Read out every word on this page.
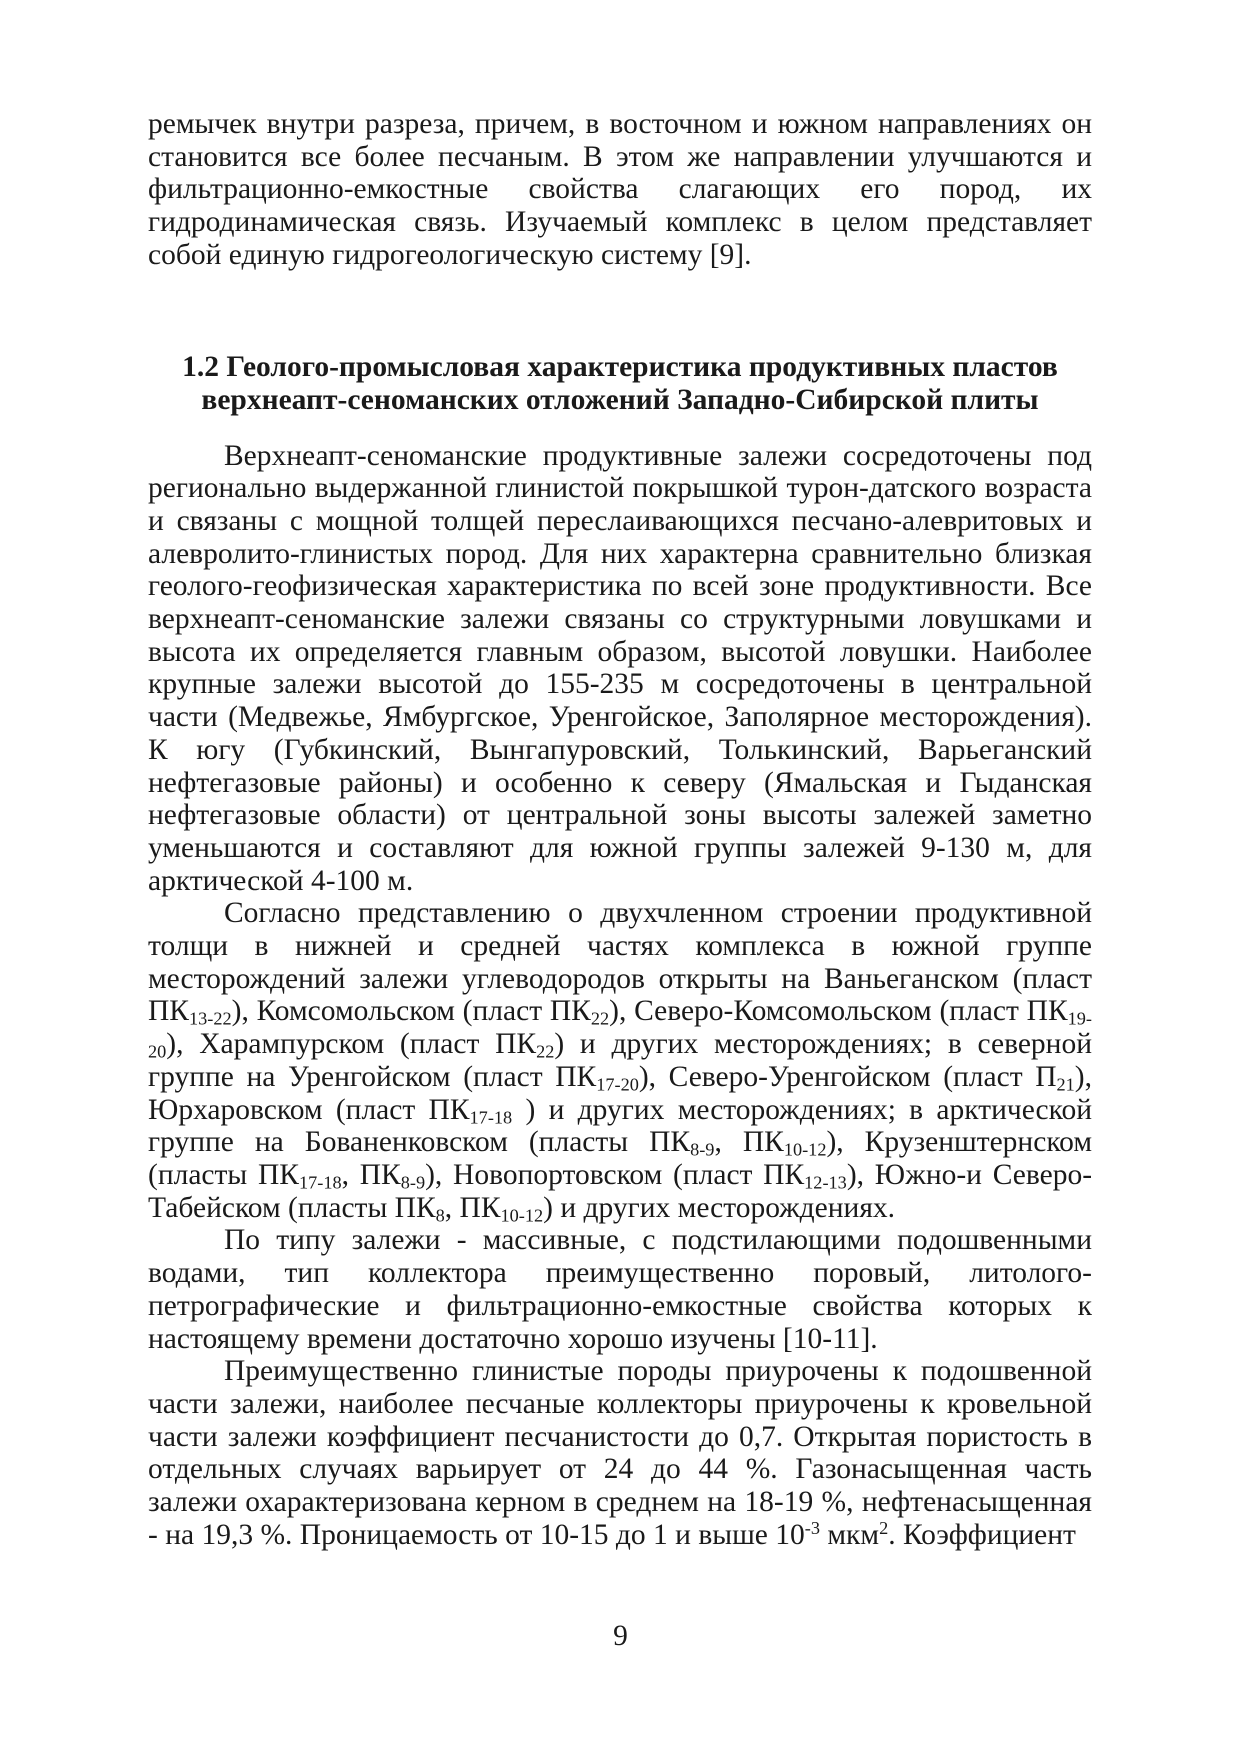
ремычек внутри разреза, причем, в восточном и южном направлениях он становится все более песчаным. В этом же направлении улучшаются и фильтрационно-емкостные свойства слагающих его пород, их гидродинамическая связь. Изучаемый комплекс в целом представляет собой единую гидрогеологическую систему [9].

1.2 Геолого-промысловая характеристика продуктивных пластов

верхнеапт-сеноманских отложений Западно-Сибирской плиты

Верхнеапт-сеноманские продуктивные залежи сосредоточены под регионально выдержанной глинистой покрышкой турон-датского возраста и связаны с мощной толщей переслаивающихся песчано-алевритовых и алевролито-глинистых пород. Для них характерна сравнительно близкая геолого-геофизическая характеристика по всей зоне продуктивности. Все верхнеапт-сеноманские залежи связаны со структурными ловушками и высота их определяется главным образом, высотой ловушки. Наиболее крупные залежи высотой до 155-235 м сосредоточены в центральной части (Медвежье, Ямбургское, Уренгойское, Заполярное месторождения). К югу (Губкинский, Вынгапуровский, Толькинский, Варьеганский нефтегазовые районы) и особенно к северу (Ямальская и Гыданская нефтегазовые области) от центральной зоны высоты залежей заметно уменьшаются и составляют для южной группы залежей 9-130 м, для арктической 4-100 м.

Согласно представлению о двухчленном строении продуктивной толщи в нижней и средней частях комплекса в южной группе месторождений залежи углеводородов открыты на Ваньеганском (пласт $ПК_{13-22}$), Комсомольском (пласт $ПК_{22}$), Северо-Комсомольском (пласт $ПК_{19-20}$), Харампурском (пласт $ПК_{22}$) и других месторождениях; в северной группе на Уренгойском (пласт $ПК_{17-20}$), Северо-Уренгойском (пласт $П_{21}$), Юрхаровском (пласт $ПК_{17-18}$ ) и других месторождениях; в арктической группе на Бованенковском (пласты $ПК_{8-9}$, $ПК_{10-12}$), Крузенштернском (пласты $ПК_{17-18}$, $ПК_{8-9}$), Новопортовском (пласт $ПК_{12-13}$), Южно-и Северо-Табейском (пласты $ПК_8$, $ПК_{10-12}$) и других месторождениях.

По типу залежи - массивные, с подстилающими подошвенными водами, тип коллектора преимущественно поровый, литолого-петрографические и фильтрационно-емкостные свойства которых к настоящему времени достаточно хорошо изучены [10-11].

Преимущественно глинистые породы приурочены к подошвенной части залежи, наиболее песчаные коллекторы приурочены к кровельной части залежи коэффициент песчанистости до 0,7. Открытая пористость в отдельных случаях варьирует от 24 до 44 %. Газонасыщенная часть залежи охарактеризована керном в среднем на 18-19 %, нефтенасыщенная - на 19,3 %. Проницаемость от 10-15 до 1 и выше $10^{-3}$ мкм$^2$. Коэффициент

9
